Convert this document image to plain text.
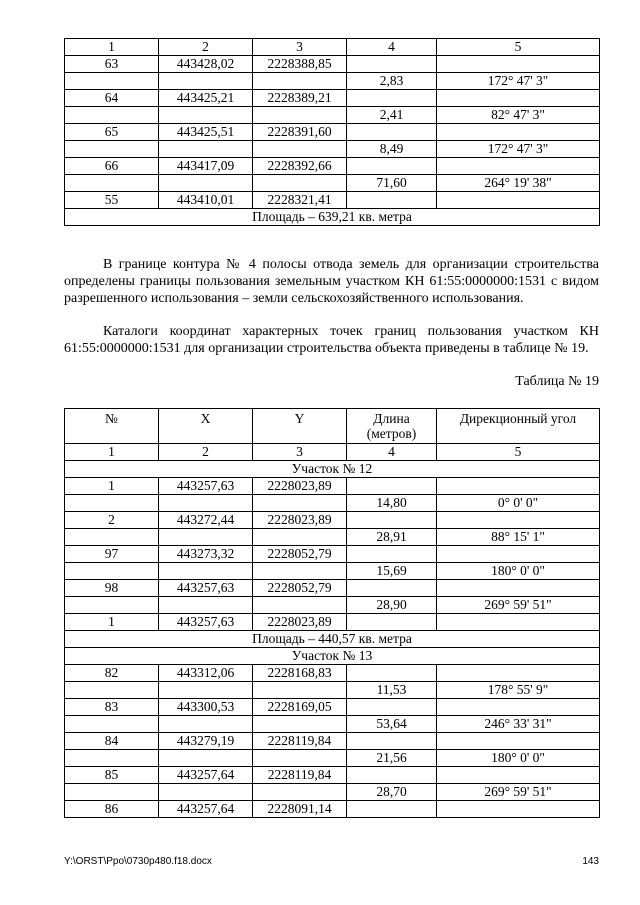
1	2	3	4	5
63	443428,02	2228388,85		
			2,83	172° 47' 3"
64	443425,21	2228389,21		
			2,41	82° 47' 3"
65	443425,51	2228391,60		
			8,49	172° 47' 3"
66	443417,09	2228392,66		
			71,60	264° 19' 38"
55	443410,01	2228321,41		
Площадь – 639,21 кв. метра				

В границе контура № 4 полосы отвода земель для организации строительства определены границы пользования земельным участком КН 61:55:0000000:1531 с видом разрешенного использования – земли сельскохозяйственного использования.

Каталоги координат характерных точек границ пользования участком КН 61:55:0000000:1531 для организации строительства объекта приведены в таблице № 19.

Таблица № 19
№	X	Y	Длина (метров)	Дирекционный угол
1	2	3	4	5
Участок № 12				
1	443257,63	2228023,89		
			14,80	0° 0' 0"
2	443272,44	2228023,89		
			28,91	88° 15' 1"
97	443273,32	2228052,79		
			15,69	180° 0' 0"
98	443257,63	2228052,79		
			28,90	269° 59' 51"
1	443257,63	2228023,89		
Площадь – 440,57 кв. метра				
Участок № 13				
82	443312,06	2228168,83		
			11,53	178° 55' 9"
83	443300,53	2228169,05		
			53,64	246° 33' 31"
84	443279,19	2228119,84		
			21,56	180° 0' 0"
85	443257,64	2228119,84		
			28,70	269° 59' 51"
86	443257,64	2228091,14		
Y:\ORST\Ppo\0730p480.f18.docx	143
